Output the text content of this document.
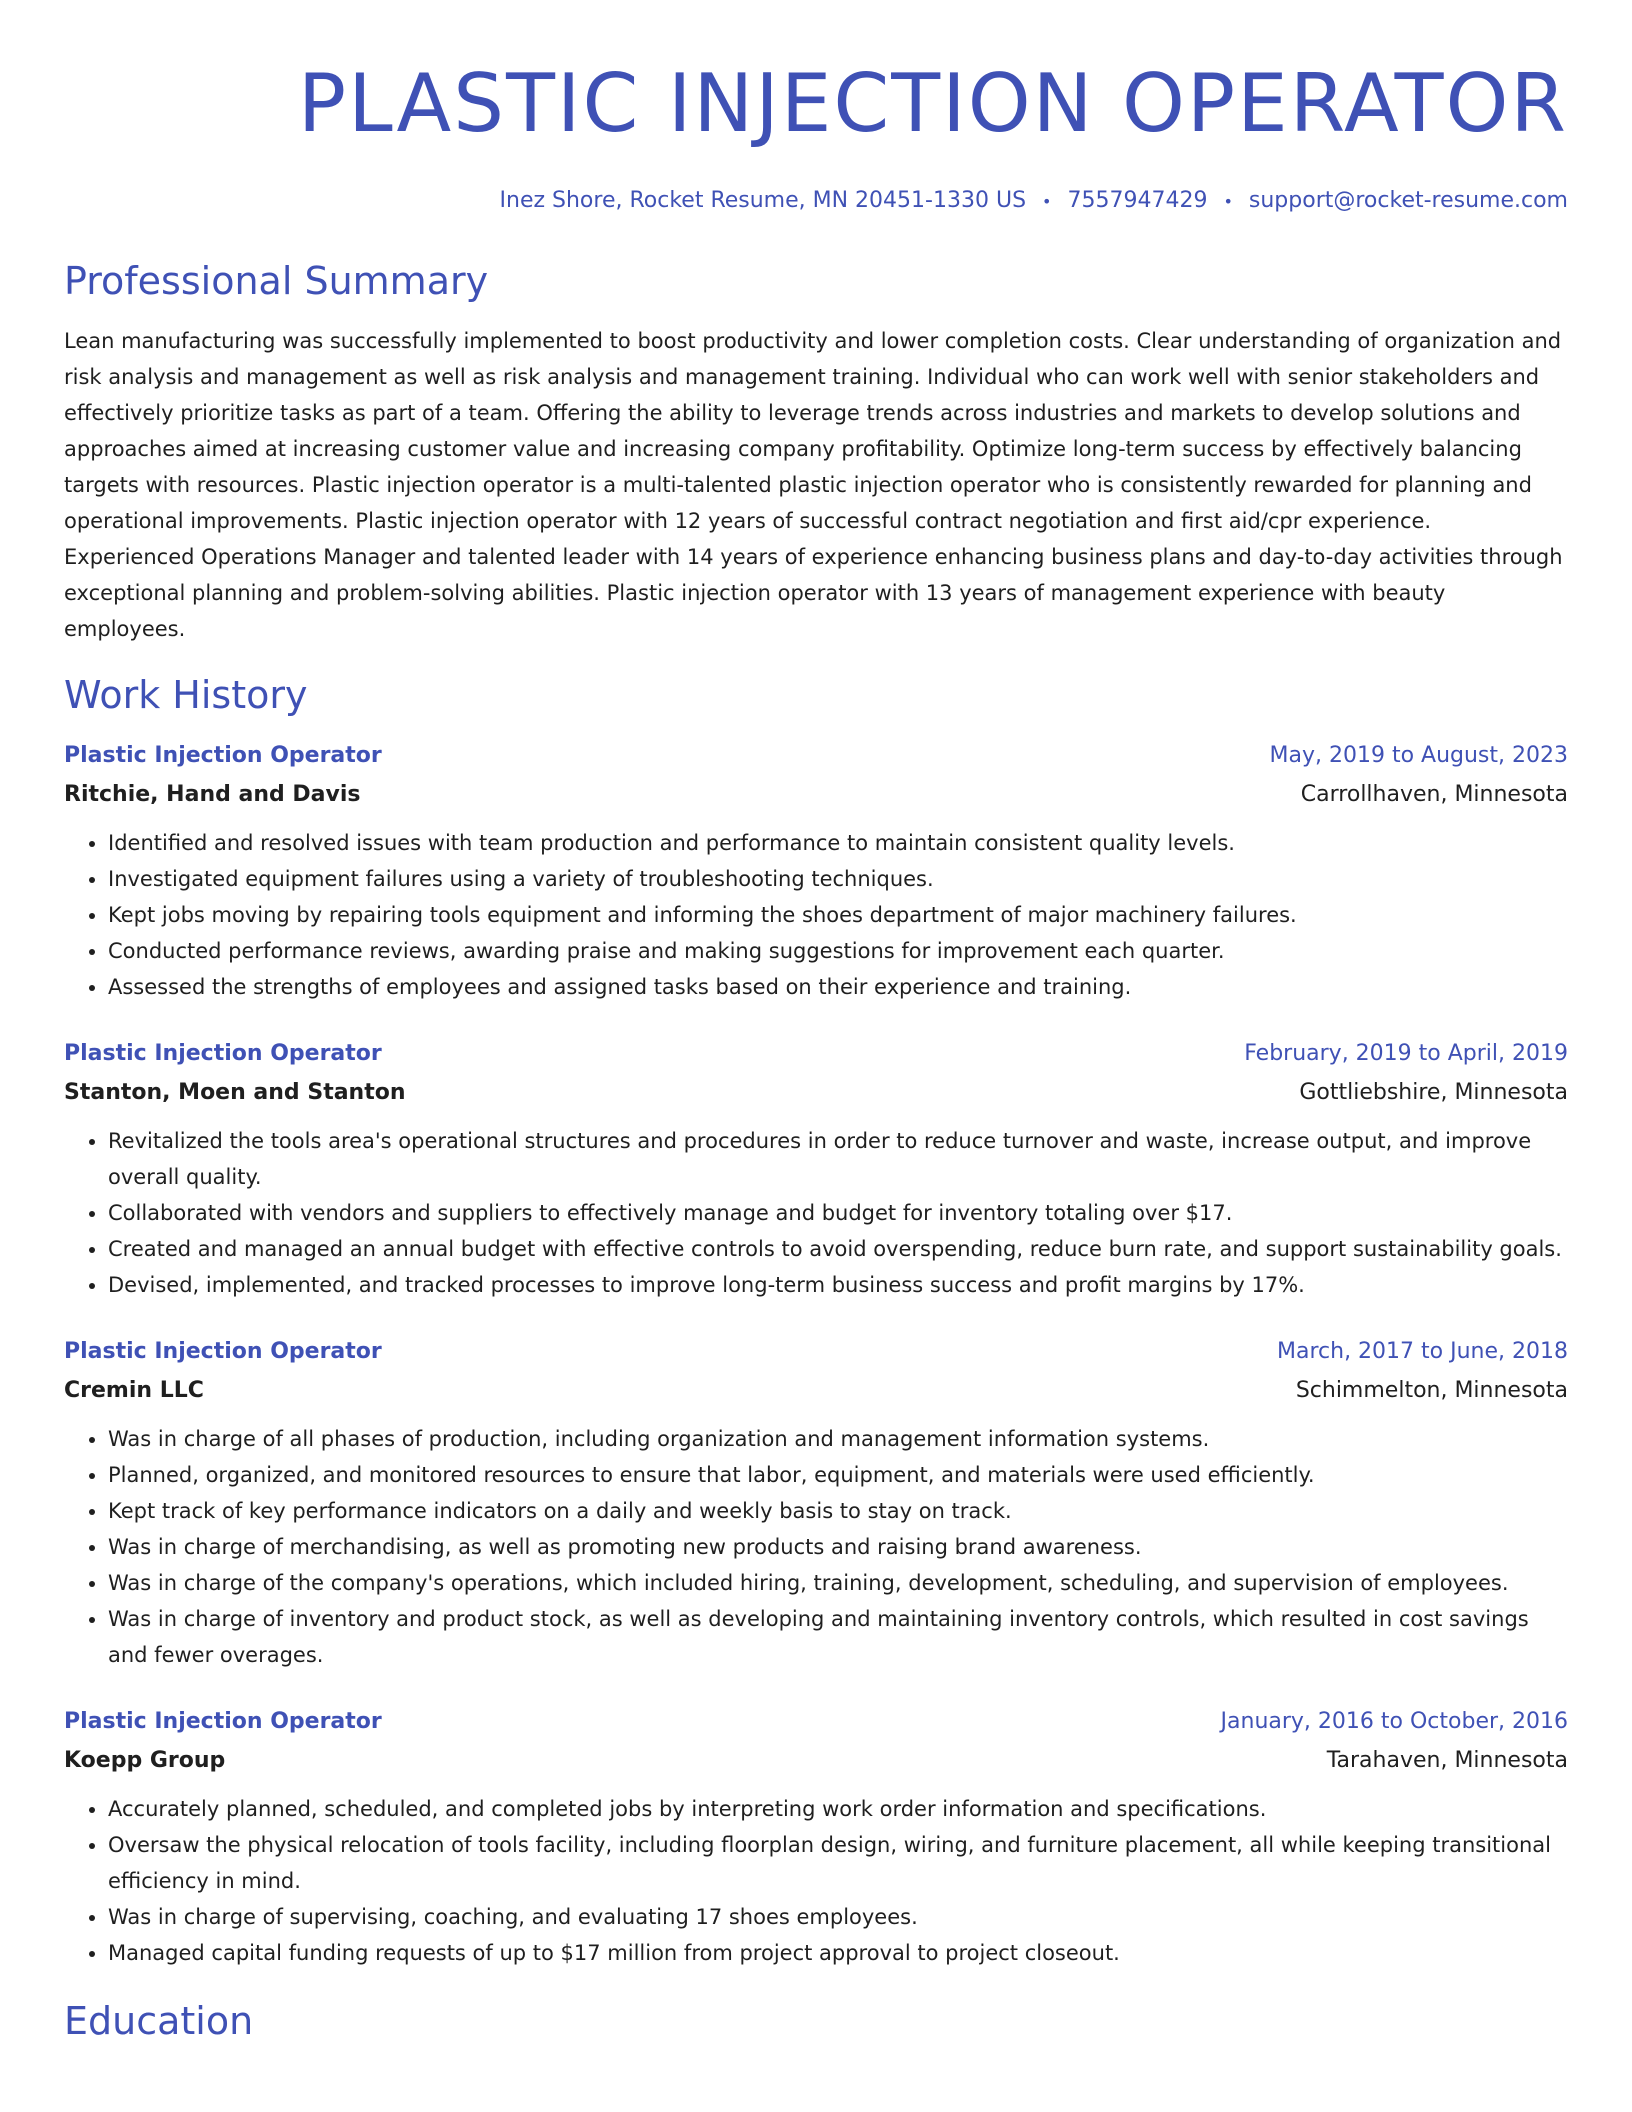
PLASTIC INJECTION OPERATOR
Inez Shore, Rocket Resume, MN 20451-1330 US • 7557947429 • support@rocket-resume.com
Professional Summary
Lean manufacturing was successfully implemented to boost productivity and lower completion costs. Clear understanding of organization and risk analysis and management as well as risk analysis and management training. Individual who can work well with senior stakeholders and effectively prioritize tasks as part of a team. Offering the ability to leverage trends across industries and markets to develop solutions and approaches aimed at increasing customer value and increasing company profitability. Optimize long-term success by effectively balancing targets with resources. Plastic injection operator is a multi-talented plastic injection operator who is consistently rewarded for planning and operational improvements. Plastic injection operator with 12 years of successful contract negotiation and first aid/cpr experience. Experienced Operations Manager and talented leader with 14 years of experience enhancing business plans and day-to-day activities through exceptional planning and problem-solving abilities. Plastic injection operator with 13 years of management experience with beauty employees.
Work History
Plastic Injection Operator	May, 2019 to August, 2023
Ritchie, Hand and Davis	Carrollhaven, Minnesota
• Identified and resolved issues with team production and performance to maintain consistent quality levels.
• Investigated equipment failures using a variety of troubleshooting techniques.
• Kept jobs moving by repairing tools equipment and informing the shoes department of major machinery failures.
• Conducted performance reviews, awarding praise and making suggestions for improvement each quarter.
• Assessed the strengths of employees and assigned tasks based on their experience and training.
Plastic Injection Operator	February, 2019 to April, 2019
Stanton, Moen and Stanton	Gottliebshire, Minnesota
• Revitalized the tools area's operational structures and procedures in order to reduce turnover and waste, increase output, and improve overall quality.
• Collaborated with vendors and suppliers to effectively manage and budget for inventory totaling over $17.
• Created and managed an annual budget with effective controls to avoid overspending, reduce burn rate, and support sustainability goals.
• Devised, implemented, and tracked processes to improve long-term business success and profit margins by 17%.
Plastic Injection Operator	March, 2017 to June, 2018
Cremin LLC	Schimmelton, Minnesota
• Was in charge of all phases of production, including organization and management information systems.
• Planned, organized, and monitored resources to ensure that labor, equipment, and materials were used efficiently.
• Kept track of key performance indicators on a daily and weekly basis to stay on track.
• Was in charge of merchandising, as well as promoting new products and raising brand awareness.
• Was in charge of the company's operations, which included hiring, training, development, scheduling, and supervision of employees.
• Was in charge of inventory and product stock, as well as developing and maintaining inventory controls, which resulted in cost savings and fewer overages.
Plastic Injection Operator	January, 2016 to October, 2016
Koepp Group	Tarahaven, Minnesota
• Accurately planned, scheduled, and completed jobs by interpreting work order information and specifications.
• Oversaw the physical relocation of tools facility, including floorplan design, wiring, and furniture placement, all while keeping transitional efficiency in mind.
• Was in charge of supervising, coaching, and evaluating 17 shoes employees.
• Managed capital funding requests of up to $17 million from project approval to project closeout.
Education
